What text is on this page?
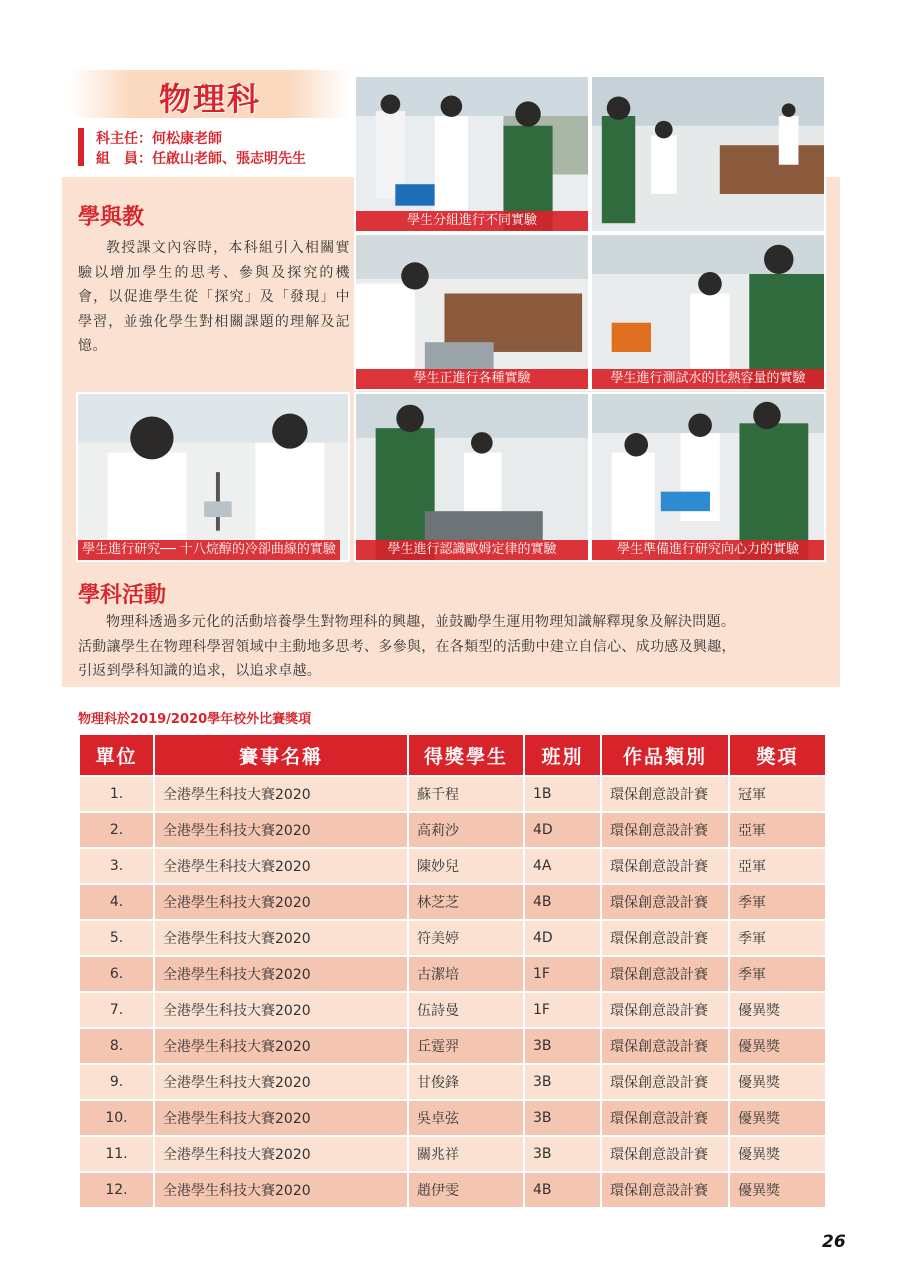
物理科
科主任：何松康老師
組　員：任啟山老師、張志明先生
學與教
教授課文內容時，本科組引入相關實驗以增加學生的思考、參與及探究的機會，以促進學生從「探究」及「發現」中學習，並強化學生對相關課題的理解及記憶。
學生分組進行不同實驗
學生正進行各種實驗	學生進行測試水的比熱容量的實驗
學生進行研究── 十八烷醇的冷卻曲線的實驗	學生進行認識歐姆定律的實驗	學生準備進行研究向心力的實驗
學科活動
物理科透過多元化的活動培養學生對物理科的興趣，並鼓勵學生運用物理知識解釋現象及解決問題。
活動讓學生在物理科學習領域中主動地多思考、多參與，在各類型的活動中建立自信心、成功感及興趣，
引返到學科知識的追求，以追求卓越。
物理科於2019/2020學年校外比賽獎項
單位	賽事名稱	得獎學生	班別	作品類別	獎項
1.	全港學生科技大賽2020	蘇千程	1B	環保創意設計賽	冠軍
2.	全港學生科技大賽2020	高莉沙	4D	環保創意設計賽	亞軍
3.	全港學生科技大賽2020	陳妙兒	4A	環保創意設計賽	亞軍
4.	全港學生科技大賽2020	林芝芝	4B	環保創意設計賽	季軍
5.	全港學生科技大賽2020	符美婷	4D	環保創意設計賽	季軍
6.	全港學生科技大賽2020	古潔培	1F	環保創意設計賽	季軍
7.	全港學生科技大賽2020	伍詩曼	1F	環保創意設計賽	優異獎
8.	全港學生科技大賽2020	丘霆羿	3B	環保創意設計賽	優異獎
9.	全港學生科技大賽2020	甘俊鋒	3B	環保創意設計賽	優異獎
10.	全港學生科技大賽2020	吳卓弦	3B	環保創意設計賽	優異獎
11.	全港學生科技大賽2020	關兆祥	3B	環保創意設計賽	優異獎
12.	全港學生科技大賽2020	趙伊雯	4B	環保創意設計賽	優異獎
26
